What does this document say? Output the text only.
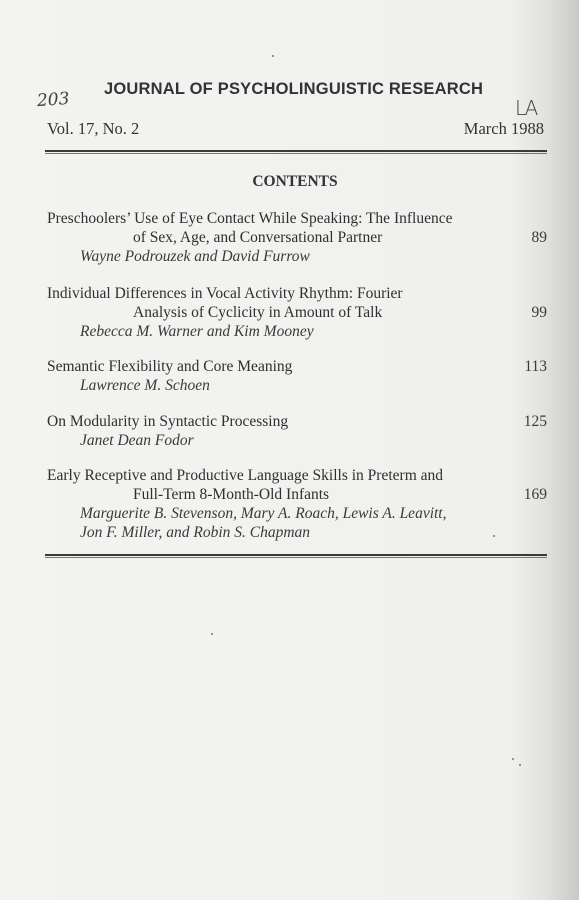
203 JOURNAL OF PSYCHOLINGUISTIC RESEARCH
LA
Vol. 17, No. 2	March 1988
CONTENTS
Preschoolers’ Use of Eye Contact While Speaking: The Influence
of Sex, Age, and Conversational Partner
Wayne Podrouzek and David Furrow
89
Individual Differences in Vocal Activity Rhythm: Fourier
Analysis of Cyclicity in Amount of Talk
Rebecca M. Warner and Kim Mooney
99
Semantic Flexibility and Core Meaning
Lawrence M. Schoen
113
On Modularity in Syntactic Processing
Janet Dean Fodor
125
Early Receptive and Productive Language Skills in Preterm and
Full-Term 8-Month-Old Infants
Marguerite B. Stevenson, Mary A. Roach, Lewis A. Leavitt,
Jon F. Miller, and Robin S. Chapman
169
